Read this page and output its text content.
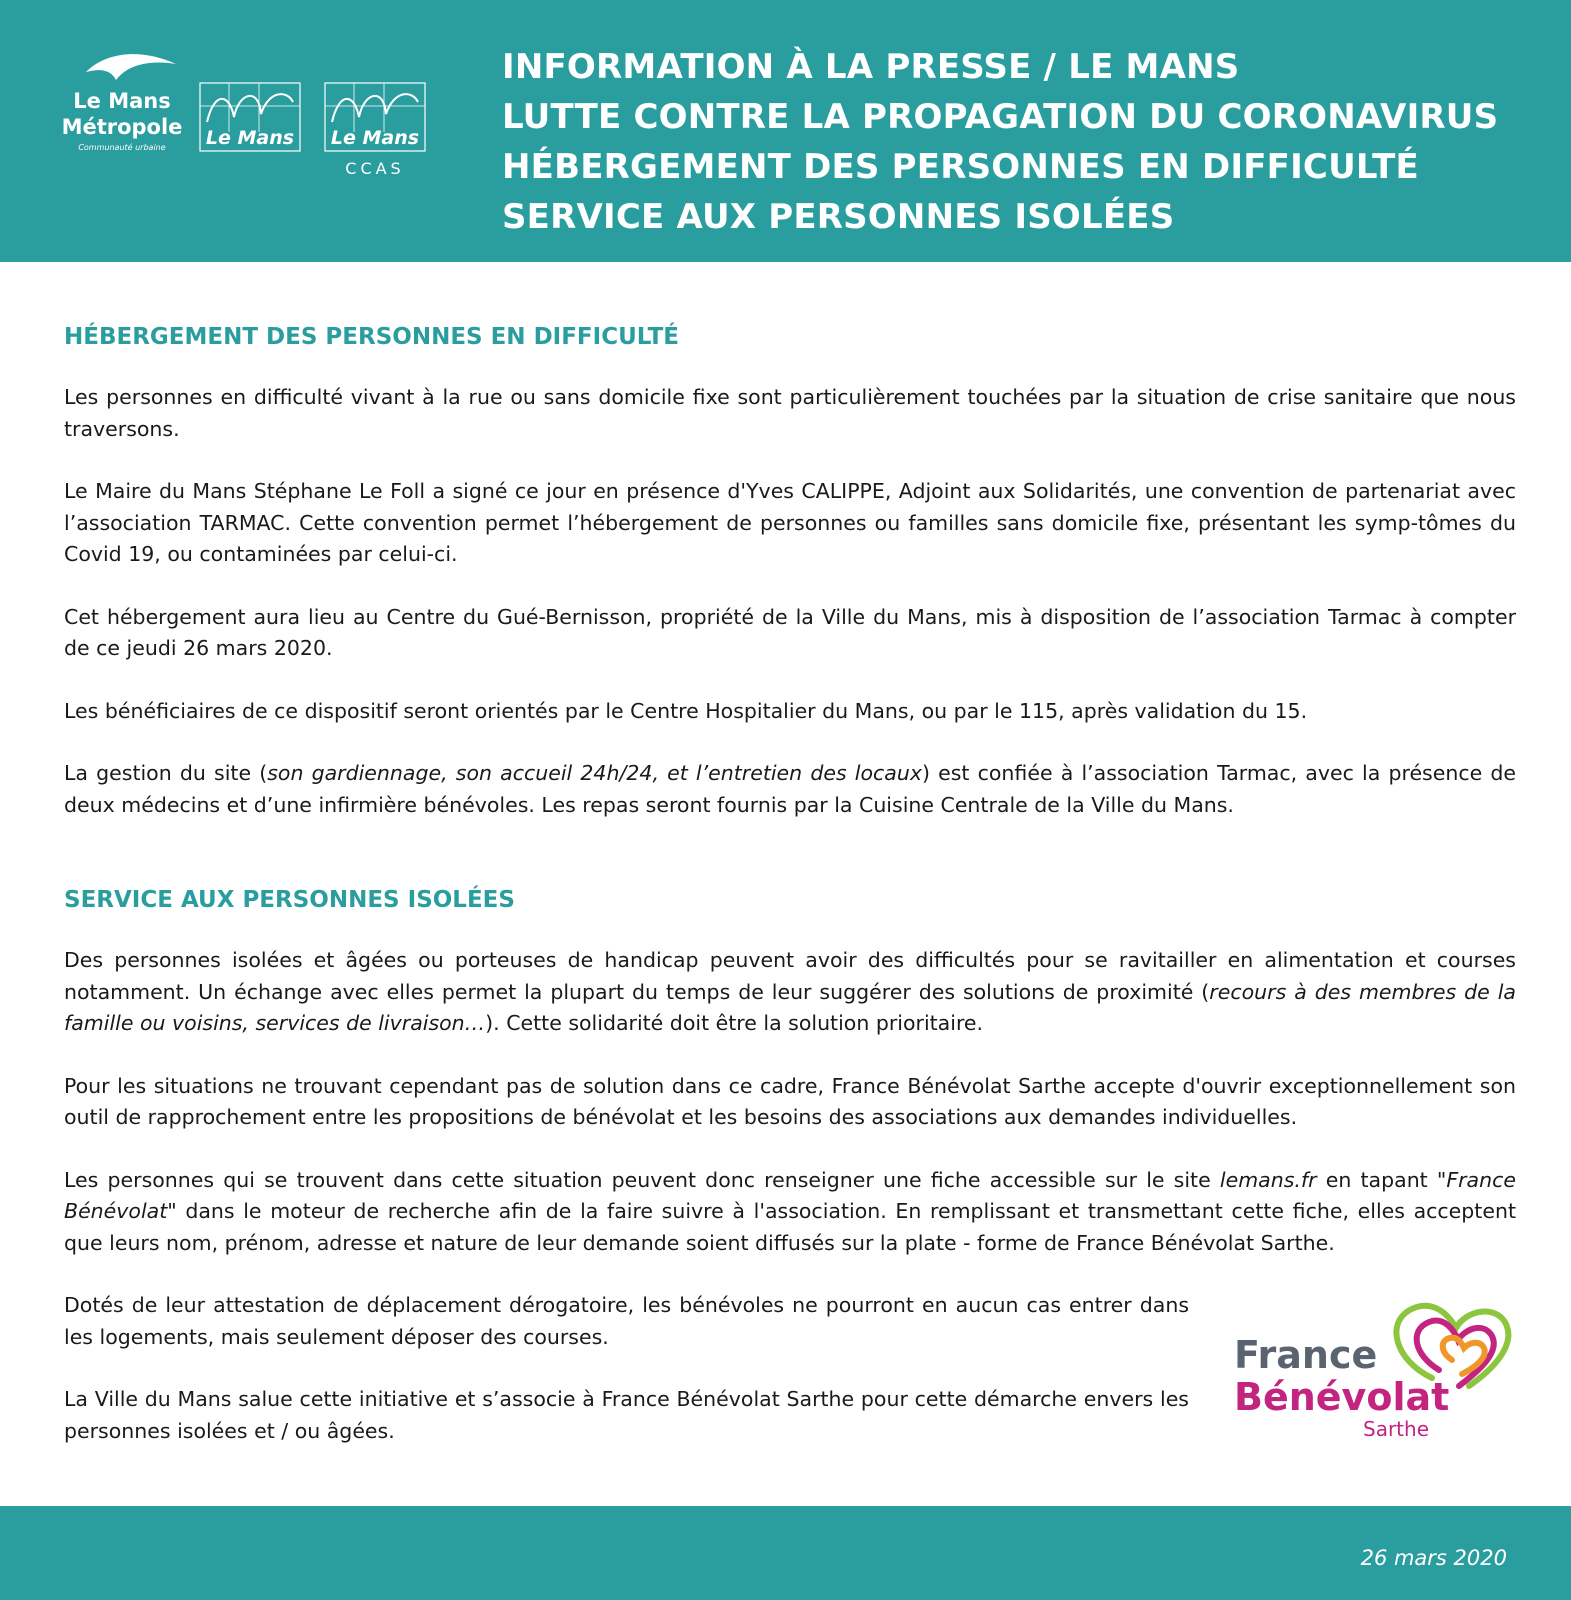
Le Mans
Métropole
Communauté urbaine Le Mans Le Mans
CCAS
INFORMATION À LA PRESSE / LE MANS
LUTTE CONTRE LA PROPAGATION DU CORONAVIRUS
HÉBERGEMENT DES PERSONNES EN DIFFICULTÉ
SERVICE AUX PERSONNES ISOLÉES
HÉBERGEMENT DES PERSONNES EN DIFFICULTÉ

Les personnes en difficulté vivant à la rue ou sans domicile fixe sont particulièrement touchées par la situation de crise sanitaire que nous traversons.

Le Maire du Mans Stéphane Le Foll a signé ce jour en présence d'Yves CALIPPE, Adjoint aux Solidarités, une convention de partenariat avec l’association TARMAC. Cette convention permet l’hébergement de personnes ou familles sans domicile fixe, présentant les symp-tômes du Covid 19, ou contaminées par celui-ci.

Cet hébergement aura lieu au Centre du Gué-Bernisson, propriété de la Ville du Mans, mis à disposition de l’association Tarmac à compter de ce jeudi 26 mars 2020.

Les bénéficiaires de ce dispositif seront orientés par le Centre Hospitalier du Mans, ou par le 115, après validation du 15.

La gestion du site (son gardiennage, son accueil 24h/24, et l’entretien des locaux) est confiée à l’association Tarmac, avec la présence de deux médecins et d’une infirmière bénévoles. Les repas seront fournis par la Cuisine Centrale de la Ville du Mans.

SERVICE AUX PERSONNES ISOLÉES

Des personnes isolées et âgées ou porteuses de handicap peuvent avoir des difficultés pour se ravitailler en alimentation et courses notamment. Un échange avec elles permet la plupart du temps de leur suggérer des solutions de proximité (recours à des membres de la famille ou voisins, services de livraison…). Cette solidarité doit être la solution prioritaire.

Pour les situations ne trouvant cependant pas de solution dans ce cadre, France Bénévolat Sarthe accepte d'ouvrir exceptionnellement son outil de rapprochement entre les propositions de bénévolat et les besoins des associations aux demandes individuelles.

Les personnes qui se trouvent dans cette situation peuvent donc renseigner une fiche accessible sur le site lemans.fr en tapant "France Bénévolat" dans le moteur de recherche afin de la faire suivre à l'association. En remplissant et transmettant cette fiche, elles acceptent que leurs nom, prénom, adresse et nature de leur demande soient diffusés sur la plate - forme de France Bénévolat Sarthe.

Dotés de leur attestation de déplacement dérogatoire, les bénévoles ne pourront en aucun cas entrer dans les logements, mais seulement déposer des courses.

La Ville du Mans salue cette initiative et s’associe à France Bénévolat Sarthe pour cette démarche envers les personnes isolées et / ou âgées.

France
Bénévolat
Sarthe
26 mars 2020
